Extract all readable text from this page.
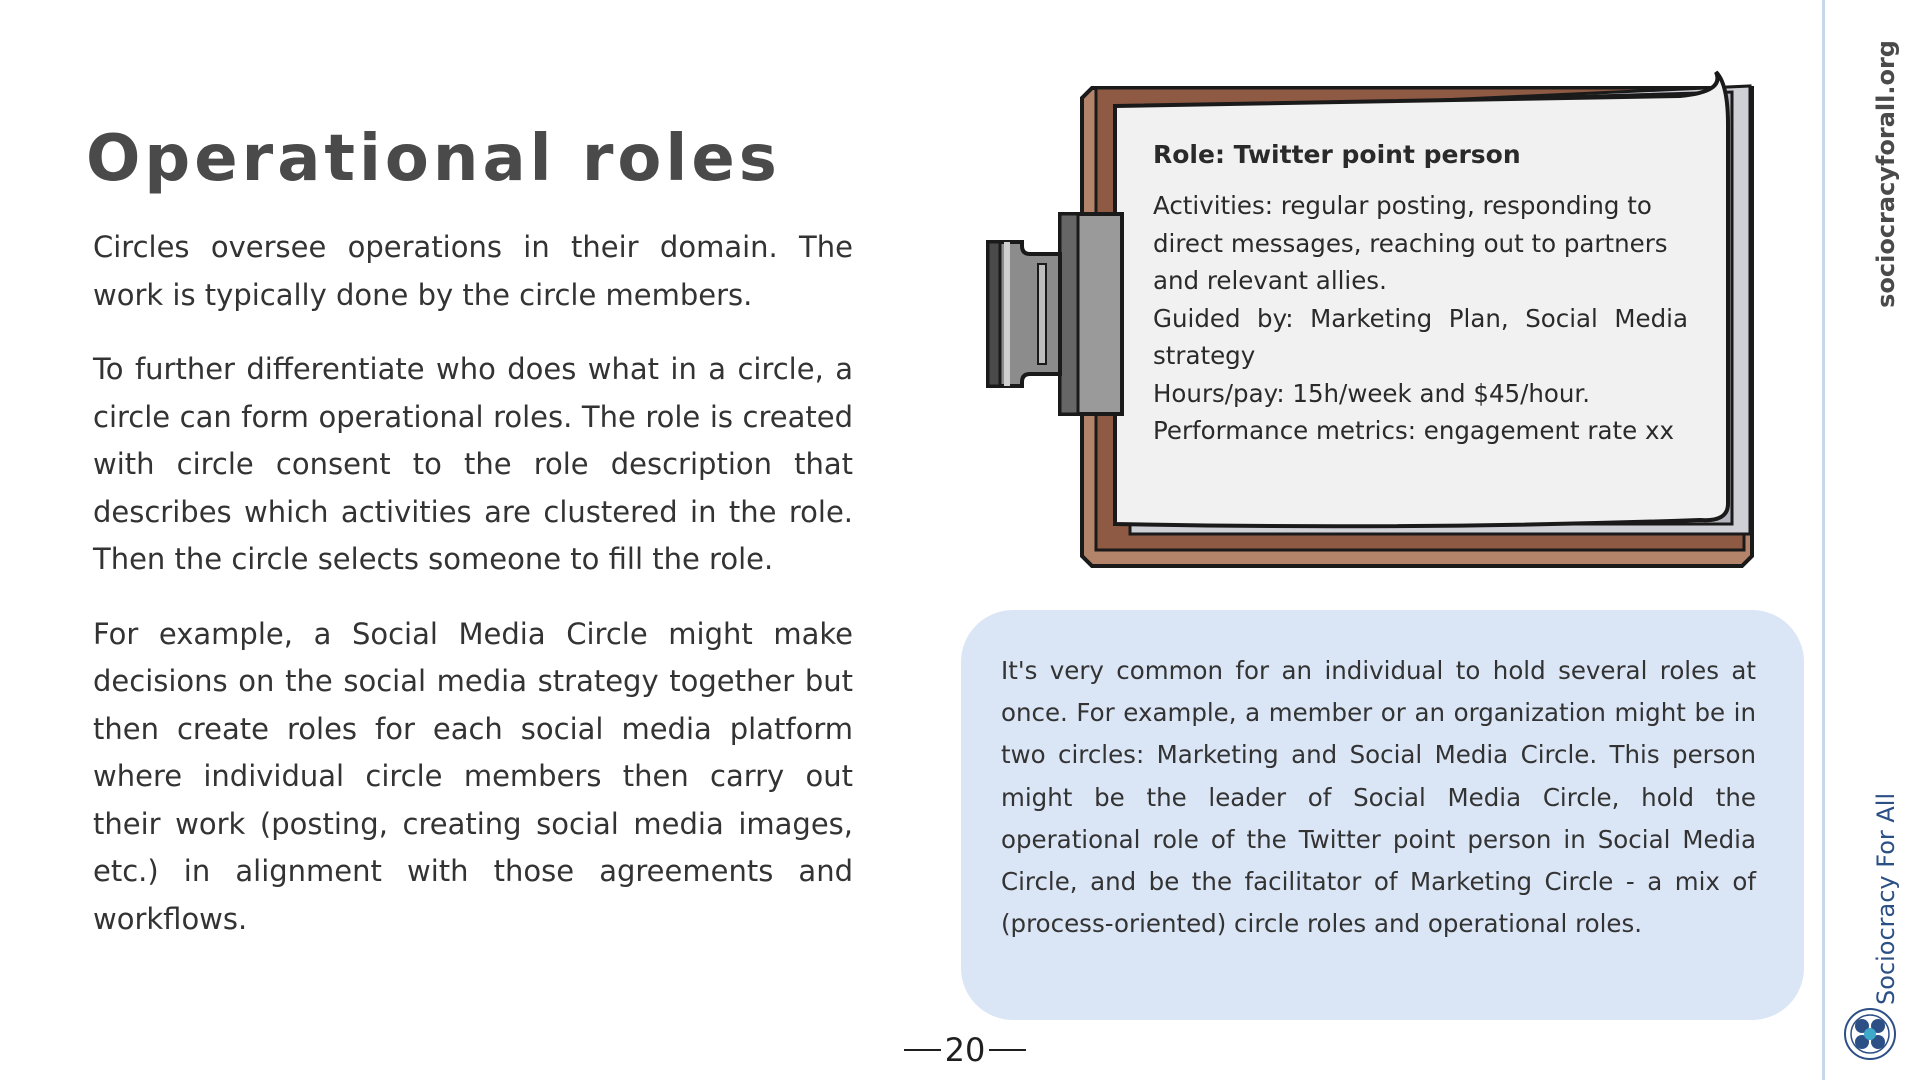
Operational roles

Circles oversee operations in their domain. The work is typically done by the circle members.

To further differentiate who does what in a circle, a circle can form operational roles. The role is created with circle consent to the role description that describes which activities are clustered in the role. Then the circle selects someone to fill the role.

For example, a Social Media Circle might make decisions on the social media strategy together but then create roles for each social media platform where individual circle members then carry out their work (posting, creating social media images, etc.) in alignment with those agreements and workflows.

Role: Twitter point person

Activities: regular posting, responding to direct messages, reaching out to partners and relevant allies.

Guided by: Marketing Plan, Social Media

strategy

Hours/pay: 15h/week and $45/hour.

Performance metrics: engagement rate xx

It's very common for an individual to hold several roles at once. For example, a member or an organization might be in two circles: Marketing and Social Media Circle. This person might be the leader of Social Media Circle, hold the operational role of the Twitter point person in Social Media Circle, and be the facilitator of Marketing Circle - a mix of (process-oriented) circle roles and operational roles.

20
sociocracyforall.org
Sociocracy For All
